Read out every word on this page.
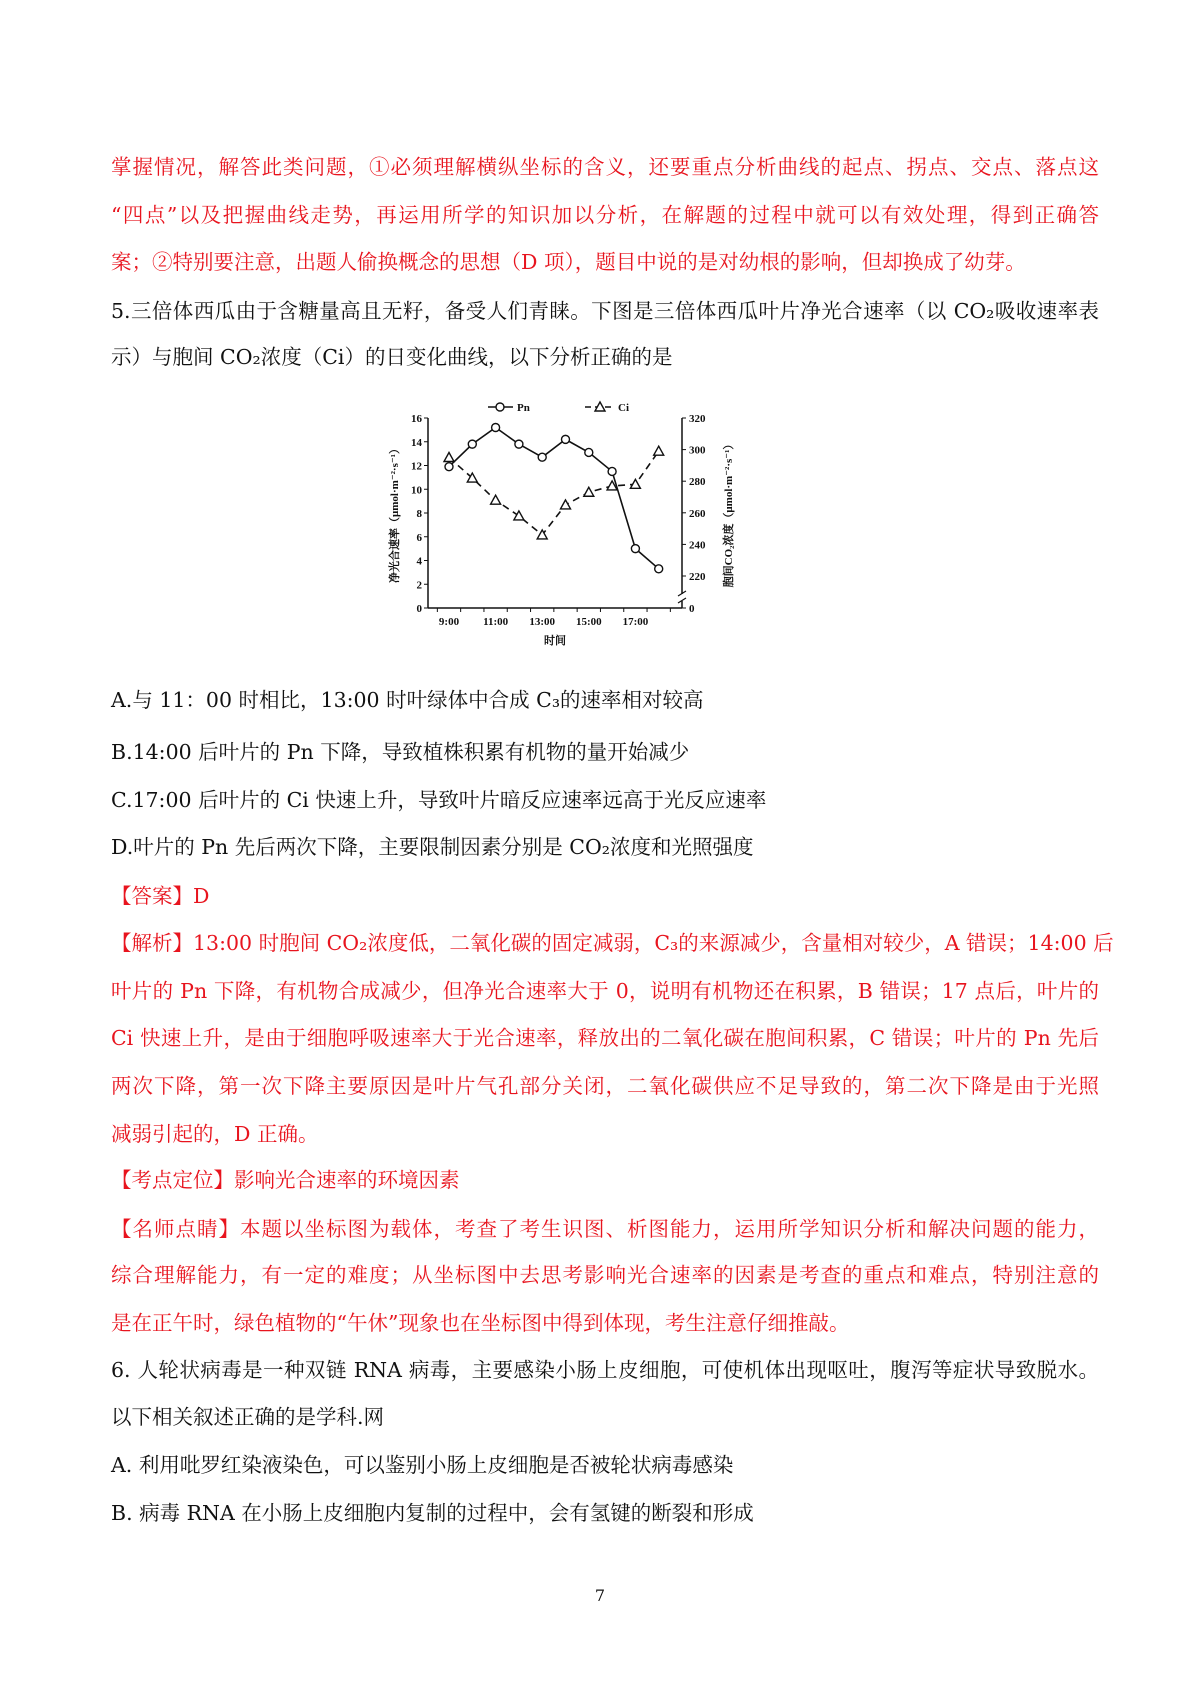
掌握情况，解答此类问题，①必须理解横纵坐标的含义，还要重点分析曲线的起点、拐点、交点、落点这
“四点”以及把握曲线走势，再运用所学的知识加以分析，在解题的过程中就可以有效处理，得到正确答
案；②特别要注意，出题人偷换概念的思想（D 项），题目中说的是对幼根的影响，但却换成了幼芽。
5.三倍体西瓜由于含糖量高且无籽，备受人们青睐。下图是三倍体西瓜叶片净光合速率（以 CO₂吸收速率表
示）与胞间 CO₂浓度（Ci）的日变化曲线，以下分析正确的是
A.与 11：00 时相比，13:00 时叶绿体中合成 C₃的速率相对较高
B.14:00 后叶片的 Pn 下降，导致植株积累有机物的量开始减少
C.17:00 后叶片的 Ci 快速上升，导致叶片暗反应速率远高于光反应速率
D.叶片的 Pn 先后两次下降，主要限制因素分别是 CO₂浓度和光照强度
【答案】D
【解析】13:00 时胞间 CO₂浓度低，二氧化碳的固定减弱，C₃的来源减少，含量相对较少，A 错误；14:00 后
叶片的 Pn 下降，有机物合成减少，但净光合速率大于 0，说明有机物还在积累，B 错误；17 点后，叶片的
Ci 快速上升，是由于细胞呼吸速率大于光合速率，释放出的二氧化碳在胞间积累，C 错误；叶片的 Pn 先后
两次下降，第一次下降主要原因是叶片气孔部分关闭，二氧化碳供应不足导致的，第二次下降是由于光照
减弱引起的，D 正确。
【考点定位】影响光合速率的环境因素
【名师点睛】本题以坐标图为载体，考查了考生识图、析图能力，运用所学知识分析和解决问题的能力，
综合理解能力，有一定的难度；从坐标图中去思考影响光合速率的因素是考查的重点和难点，特别注意的
是在正午时，绿色植物的“午休”现象也在坐标图中得到体现，考生注意仔细推敲。
6. 人轮状病毒是一种双链 RNA 病毒，主要感染小肠上皮细胞，可使机体出现呕吐，腹泻等症状导致脱水。
以下相关叙述正确的是学科.网
A. 利用吡罗红染液染色，可以鉴别小肠上皮细胞是否被轮状病毒感染
B. 病毒 RNA 在小肠上皮细胞内复制的过程中，会有氢键的断裂和形成
Pn	Ci
时间
净光合速率（μmol·m⁻²·s⁻¹）	胞间CO₂浓度（μmol·m⁻²·s⁻¹）
0
2
4
6
8
10
12
14
16
0
220
240
260
280
300
320
9:00 11:00 13:00 15:00 17:00
7
